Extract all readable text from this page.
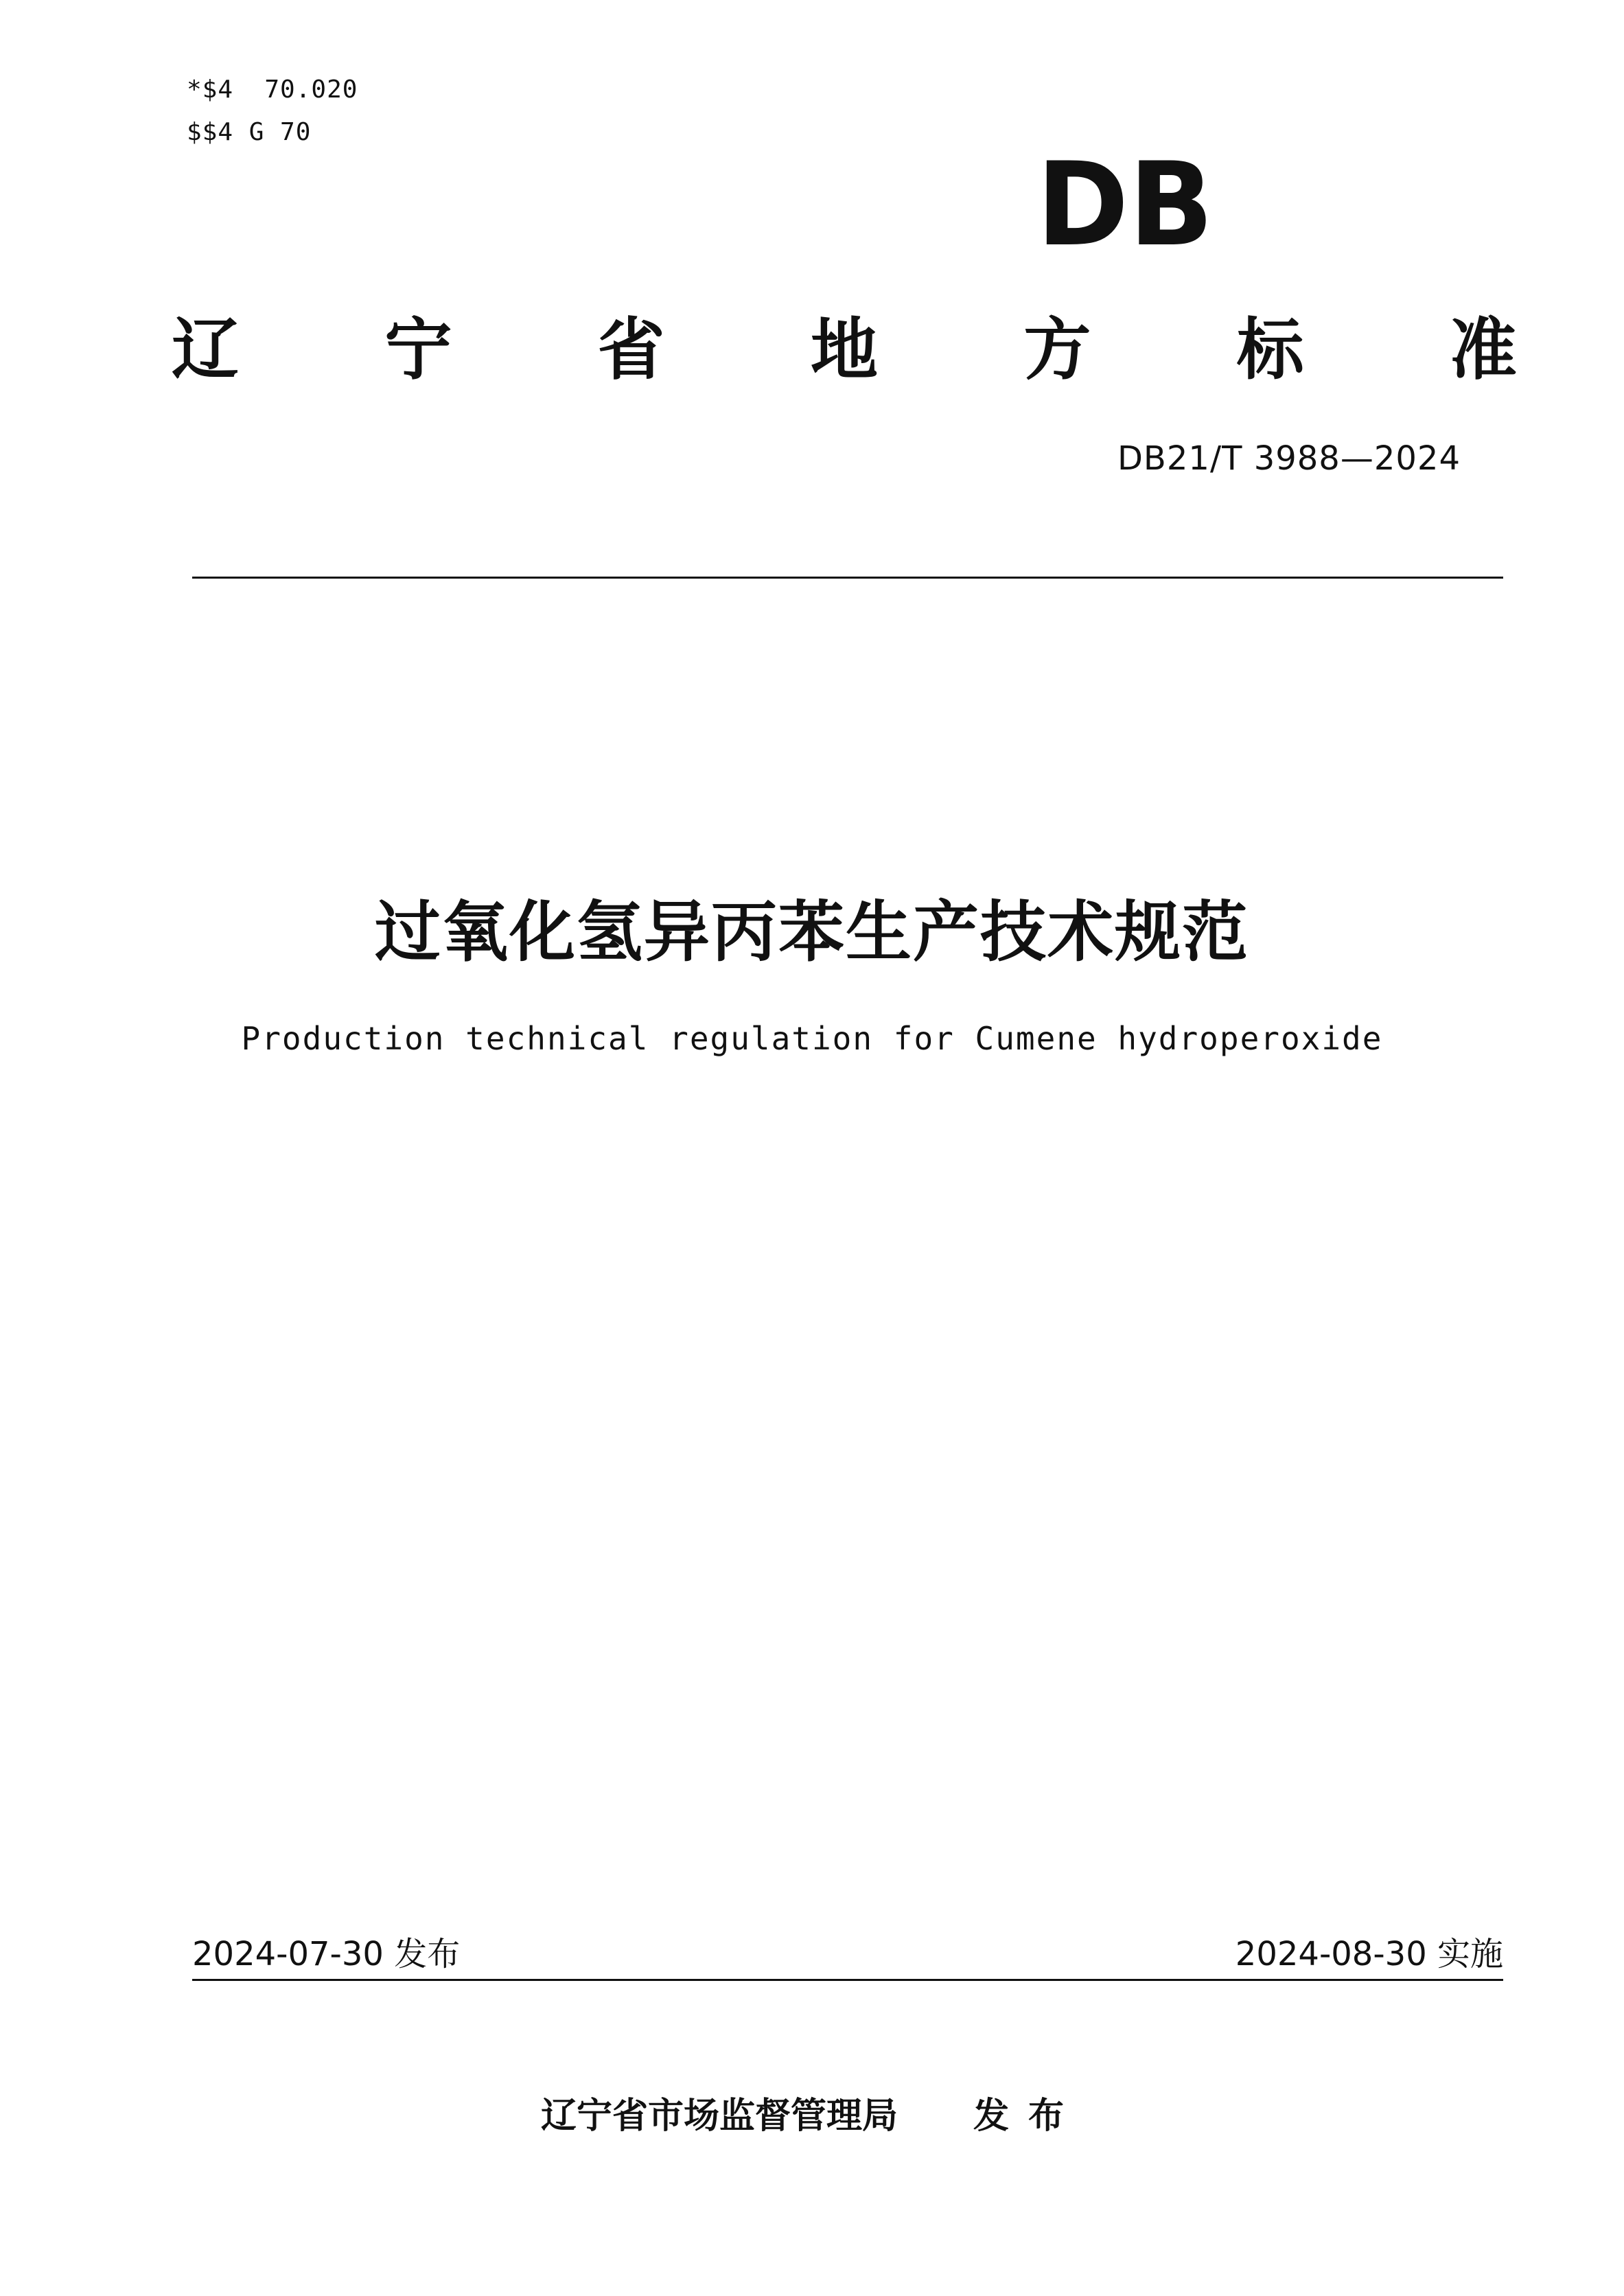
*$4  70.020
$$4 G 70
DB
辽 宁 省 地 方 标 准
DB21/T 3988—2024
过氧化氢异丙苯生产技术规范
Production technical regulation for Cumene hydroperoxide
2024-07-30 发布	2024-08-30 实施
辽宁省市场监督管理局 发布
